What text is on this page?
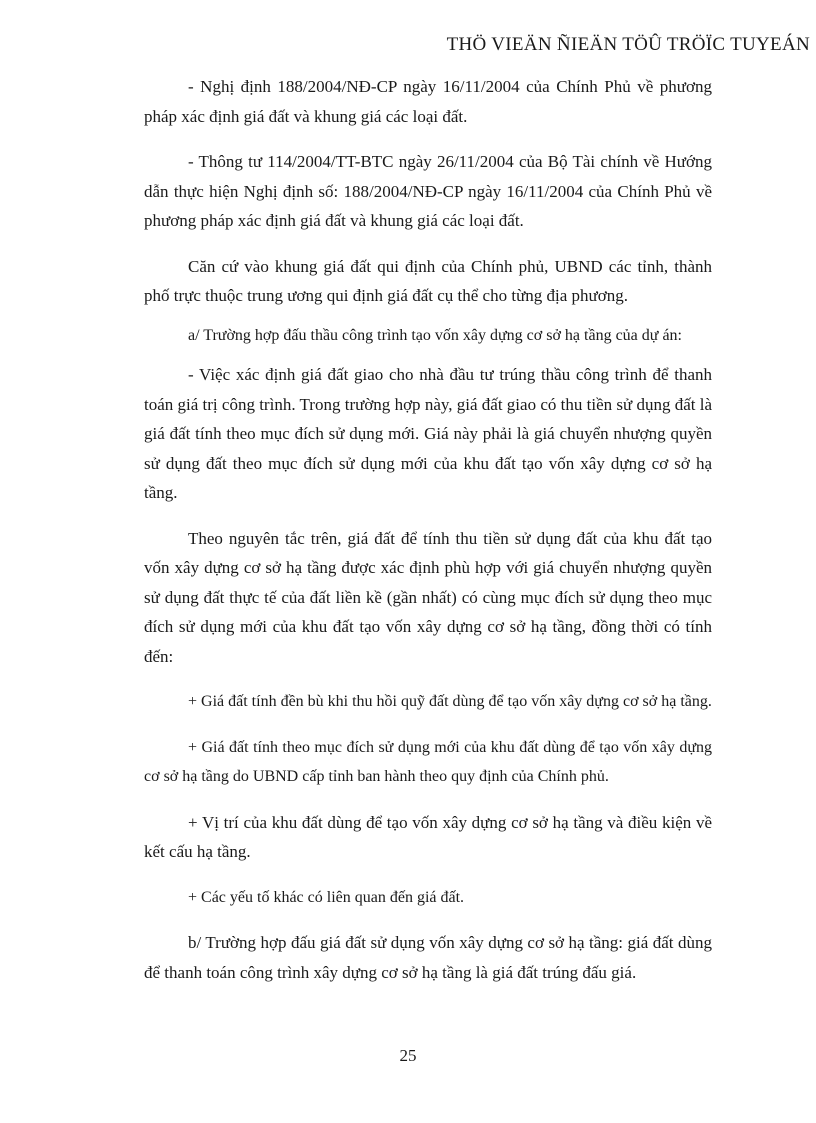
THÖ VIEÄN ÑIEÄN TÖÛ TRÖÏC TUYEÁN

- Nghị định 188/2004/NĐ-CP ngày 16/11/2004 của Chính Phủ về phương pháp xác định giá đất và khung giá các loại đất.

- Thông tư 114/2004/TT-BTC ngày 26/11/2004 của Bộ Tài chính về Hướng dẫn thực hiện Nghị định số: 188/2004/NĐ-CP ngày 16/11/2004 của Chính Phủ về phương pháp xác định giá đất và khung giá các loại đất.

Căn cứ vào khung giá đất qui định của Chính phủ, UBND các tỉnh, thành phố trực thuộc trung ương qui định giá đất cụ thể cho từng địa phương.

a/ Trường hợp đấu thầu công trình tạo vốn xây dựng cơ sở hạ tầng của dự án:

- Việc xác định giá đất giao cho nhà đầu tư trúng thầu công trình để thanh toán giá trị công trình. Trong trường hợp này, giá đất giao có thu tiền sử dụng đất là giá đất tính theo mục đích sử dụng mới. Giá này phải là giá chuyển nhượng quyền sử dụng đất theo mục đích sử dụng mới của khu đất tạo vốn xây dựng cơ sở hạ tầng.

Theo nguyên tắc trên, giá đất để tính thu tiền sử dụng đất của khu đất tạo vốn xây dựng cơ sở hạ tầng được xác định phù hợp với giá chuyển nhượng quyền sử dụng đất thực tế của đất liền kề (gần nhất) có cùng mục đích sử dụng theo mục đích sử dụng mới của khu đất tạo vốn xây dựng cơ sở hạ tầng, đồng thời có tính đến:

+ Giá đất tính đền bù khi thu hồi quỹ đất dùng để tạo vốn xây dựng cơ sở hạ tầng.

+ Giá đất tính theo mục đích sử dụng mới của khu đất dùng để tạo vốn xây dựng cơ sở hạ tầng do UBND cấp tỉnh ban hành theo quy định của Chính phủ.

+ Vị trí của khu đất dùng để tạo vốn xây dựng cơ sở hạ tầng và điều kiện về kết cấu hạ tầng.

+ Các yếu tố khác có liên quan đến giá đất.

b/ Trường hợp đấu giá đất sử dụng vốn xây dựng cơ sở hạ tầng: giá đất dùng để thanh toán công trình xây dựng cơ sở hạ tầng là giá đất trúng đấu giá.

25
